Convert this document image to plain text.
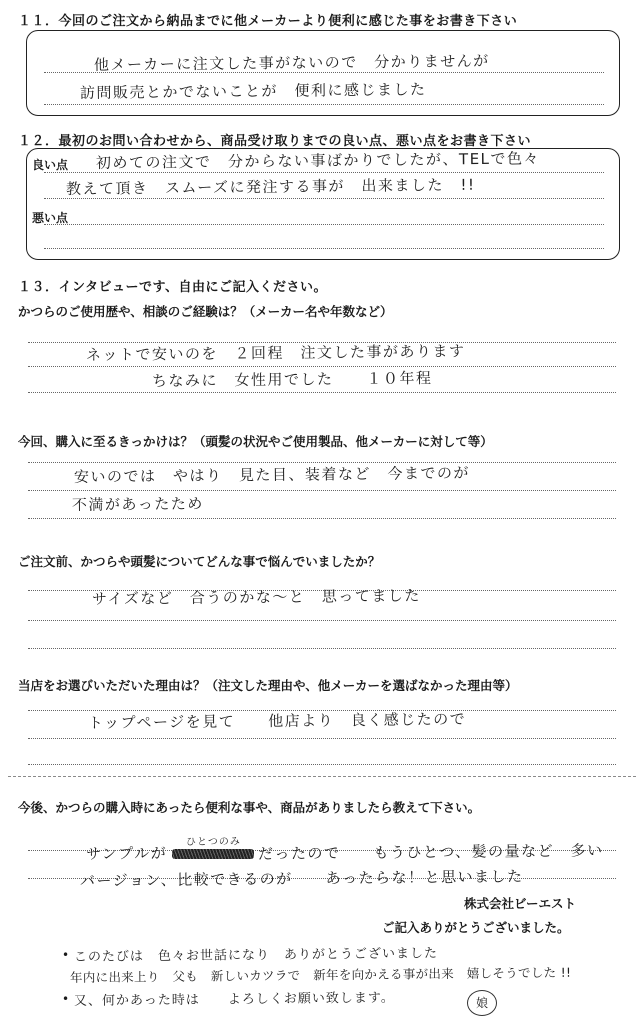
１１．今回のご注文から納品までに他メーカーより便利に感じた事をお書き下さい
他メーカーに注文した事がないので　分かりませんが
訪問販売とかでないことが　便利に感じました
１２．最初のお問い合わせから、商品受け取りまでの良い点、悪い点をお書き下さい
良い点
悪い点
初めての注文で　分からない事ばかりでしたが、TELで色々
教えて頂き　スムーズに発注する事が　出来ました　!!
１３．インタビューです、自由にご記入ください。
かつらのご使用歴や、相談のご経験は？（メーカー名や年数など）
ネットで安いのを　２回程　注文した事があります
ちなみに　女性用でした　　１０年程
今回、購入に至るきっかけは？（頭髪の状況やご使用製品、他メーカーに対して等）
安いのでは　やはり　見た目、装着など　今までのが
不満があったため
ご注文前、かつらや頭髪についてどんな事で悩んでいましたか？
サイズなど　合うのかな～と　思ってました
当店をお選びいただいた理由は？（注文した理由や、他メーカーを選ばなかった理由等）
トップページを見て　　他店より　良く感じたので
今後、かつらの購入時にあったら便利な事や、商品がありましたら教えて下さい。
ひとつのみ
サンプルが	だったので　　もうひとつ、髪の量など　多い
バージョン、比較できるのが　　あったらな！と思いました
株式会社ビーエスト
ご記入ありがとうございました。
• このたびは　色々お世話になり　ありがとうございました
年内に出来上り　父も　新しいカツラで　新年を向かえる事が出来　嬉しそうでした !!
• 又、何かあった時は　　よろしくお願い致します。	娘
